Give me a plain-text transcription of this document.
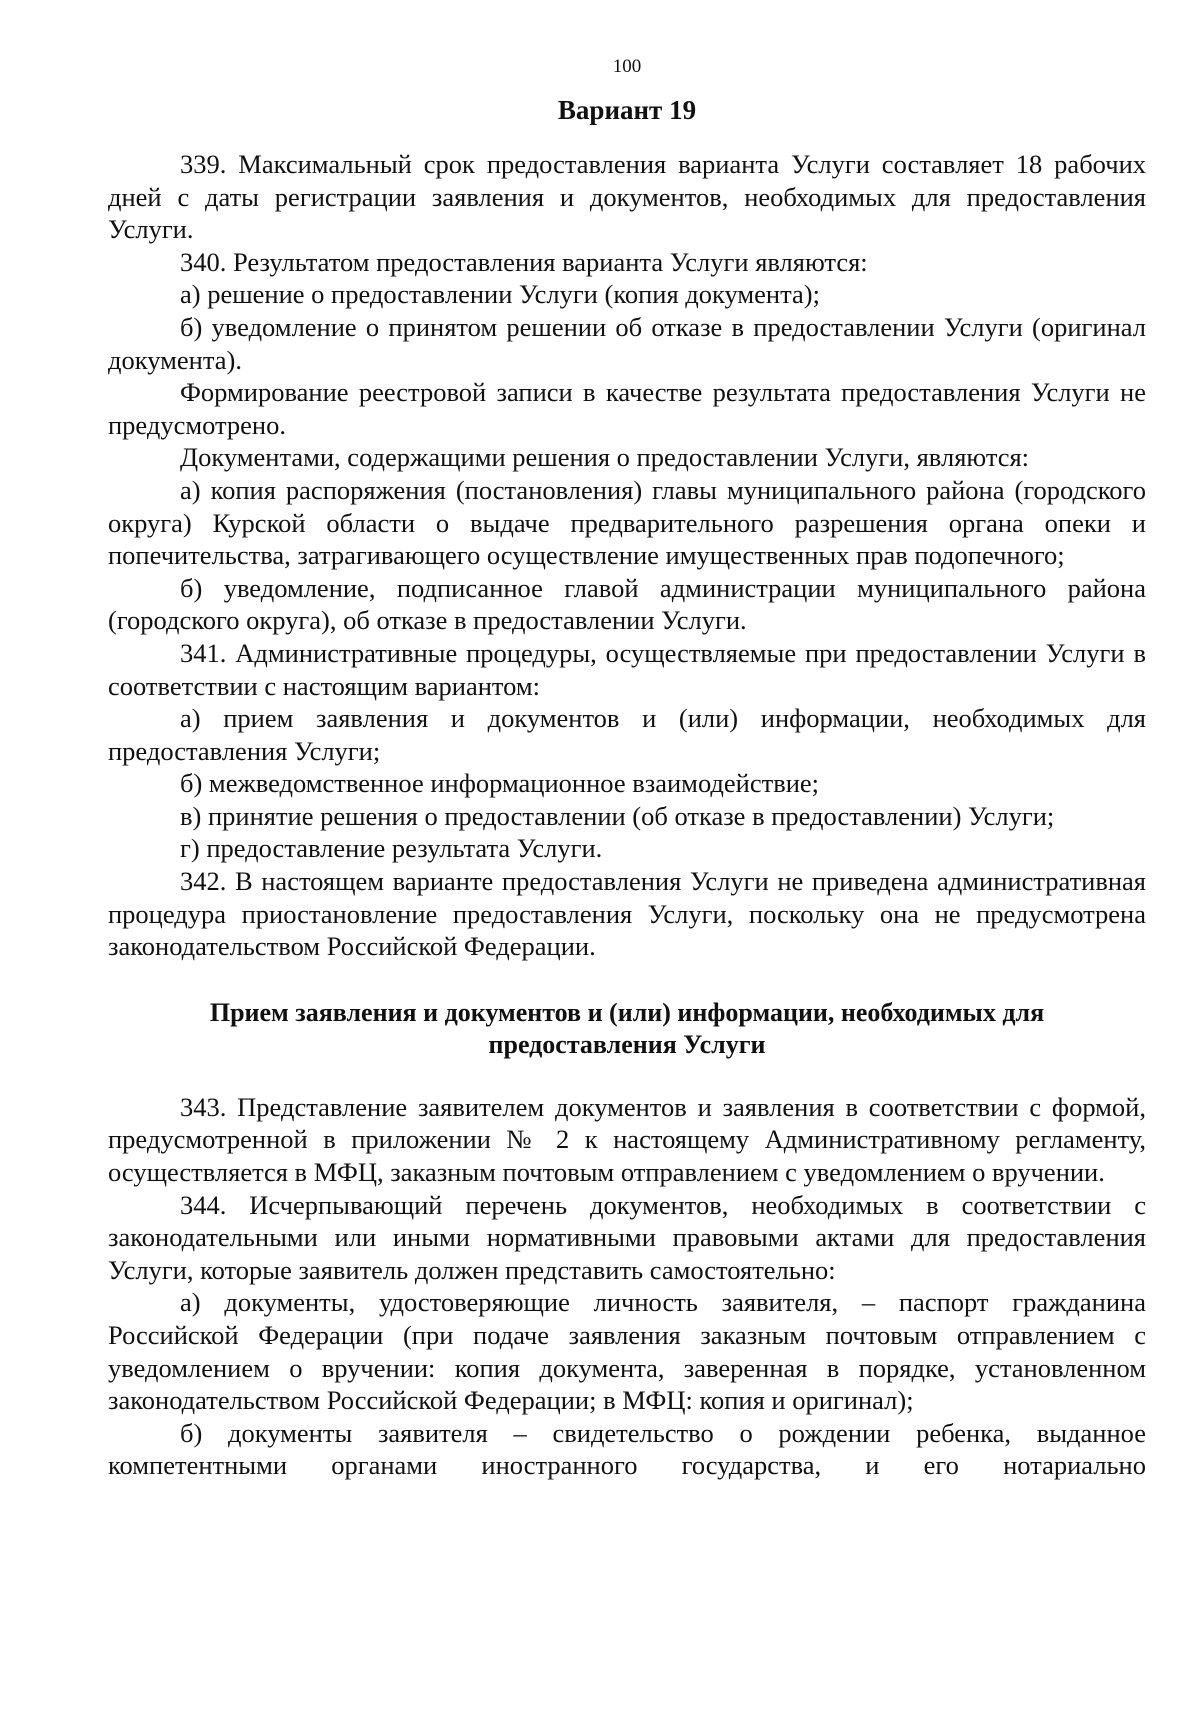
100
Вариант 19

339. Максимальный срок предоставления варианта Услуги составляет 18 рабочих дней с даты регистрации заявления и документов, необходимых для предоставления Услуги.

340. Результатом предоставления варианта Услуги являются:

а) решение о предоставлении Услуги (копия документа);

б) уведомление о принятом решении об отказе в предоставлении Услуги (оригинал документа).

Формирование реестровой записи в качестве результата предоставления Услуги не предусмотрено.

Документами, содержащими решения о предоставлении Услуги, являются:

а) копия распоряжения (постановления) главы муниципального района (городского округа) Курской области о выдаче предварительного разрешения органа опеки и попечительства, затрагивающего осуществление имущественных прав подопечного;

б) уведомление, подписанное главой администрации муниципального района (городского округа), об отказе в предоставлении Услуги.

341. Административные процедуры, осуществляемые при предоставлении Услуги в соответствии с настоящим вариантом:

а) прием заявления и документов и (или) информации, необходимых для предоставления Услуги;

б) межведомственное информационное взаимодействие;

в) принятие решения о предоставлении (об отказе в предоставлении) Услуги;

г) предоставление результата Услуги.

342. В настоящем варианте предоставления Услуги не приведена административная процедура приостановление предоставления Услуги, поскольку она не предусмотрена законодательством Российской Федерации.

Прием заявления и документов и (или) информации, необходимых для предоставления Услуги

343. Представление заявителем документов и заявления в соответствии с формой, предусмотренной в приложении № 2 к настоящему Административному регламенту, осуществляется в МФЦ, заказным почтовым отправлением с уведомлением о вручении.

344. Исчерпывающий перечень документов, необходимых в соответствии с законодательными или иными нормативными правовыми актами для предоставления Услуги, которые заявитель должен представить самостоятельно:

а) документы, удостоверяющие личность заявителя, – паспорт гражданина Российской Федерации (при подаче заявления заказным почтовым отправлением с уведомлением о вручении: копия документа, заверенная в порядке, установленном законодательством Российской Федерации; в МФЦ: копия и оригинал);

б) документы заявителя – свидетельство о рождении ребенка, выданное компетентными органами иностранного государства, и его нотариально
